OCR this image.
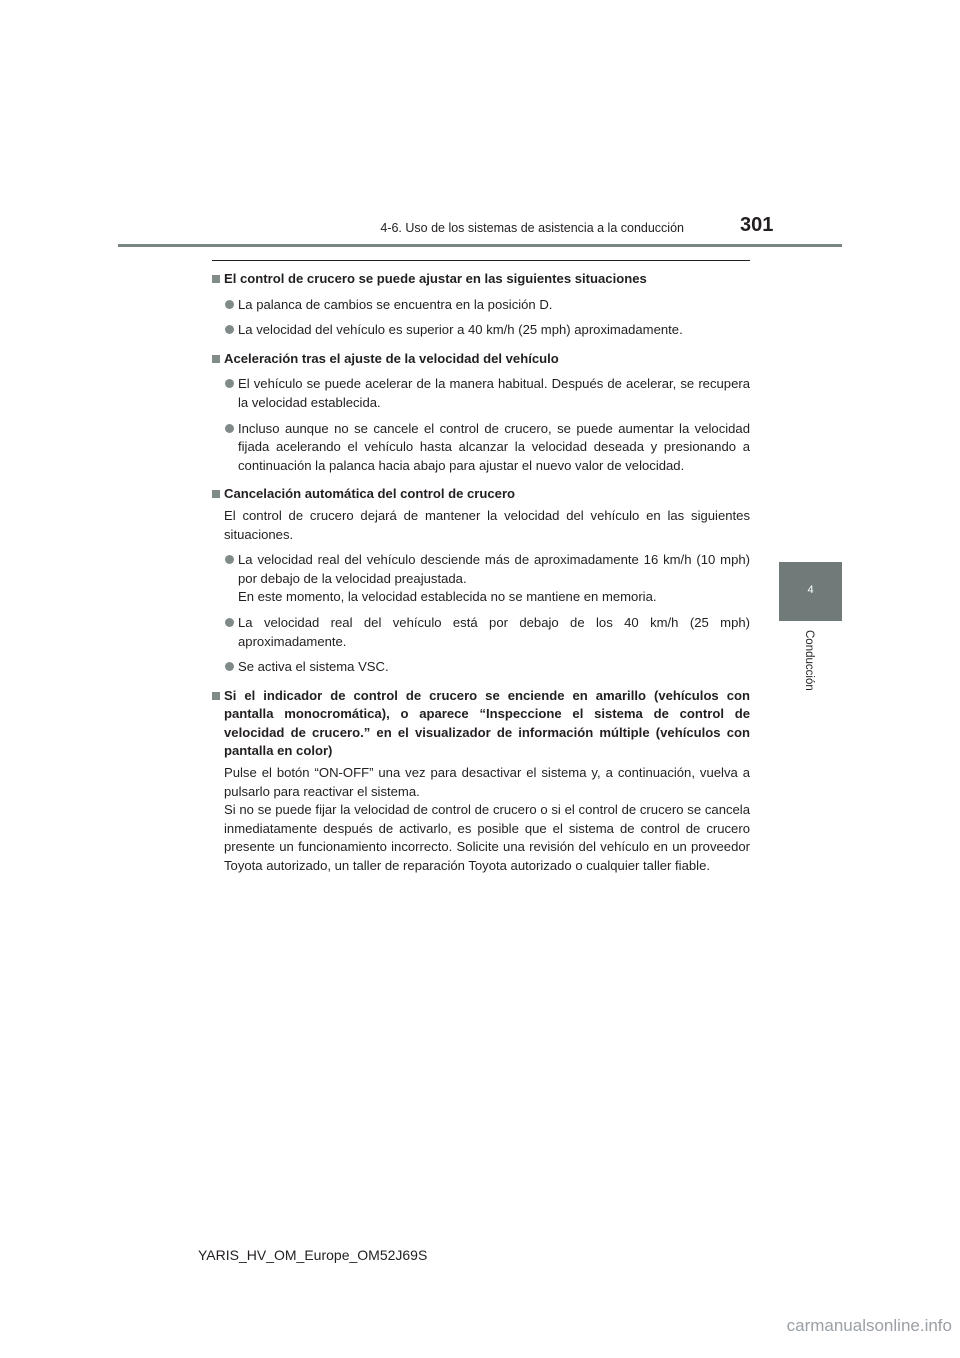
4-6. Uso de los sistemas de asistencia a la conducción	301
4
Conducción
El control de crucero se puede ajustar en las siguientes situaciones
La palanca de cambios se encuentra en la posición D.
La velocidad del vehículo es superior a 40 km/h (25 mph) aproximadamente.
Aceleración tras el ajuste de la velocidad del vehículo
El vehículo se puede acelerar de la manera habitual. Después de acelerar, se recupera la velocidad establecida.
Incluso aunque no se cancele el control de crucero, se puede aumentar la velocidad fijada acelerando el vehículo hasta alcanzar la velocidad deseada y presionando a continuación la palanca hacia abajo para ajustar el nuevo valor de velocidad.
Cancelación automática del control de crucero
El control de crucero dejará de mantener la velocidad del vehículo en las siguientes situaciones.
La velocidad real del vehículo desciende más de aproximadamente 16 km/h (10 mph) por debajo de la velocidad preajustada.
En este momento, la velocidad establecida no se mantiene en memoria.
La velocidad real del vehículo está por debajo de los 40 km/h (25 mph) aproximadamente.
Se activa el sistema VSC.
Si el indicador de control de crucero se enciende en amarillo (vehículos con pantalla monocromática), o aparece “Inspeccione el sistema de control de velocidad de crucero.” en el visualizador de información múltiple (vehículos con pantalla en color)
Pulse el botón “ON-OFF” una vez para desactivar el sistema y, a continuación, vuelva a pulsarlo para reactivar el sistema.
Si no se puede fijar la velocidad de control de crucero o si el control de crucero se cancela inmediatamente después de activarlo, es posible que el sistema de control de crucero presente un funcionamiento incorrecto. Solicite una revisión del vehículo en un proveedor Toyota autorizado, un taller de reparación Toyota autorizado o cualquier taller fiable.
YARIS_HV_OM_Europe_OM52J69S
carmanualsonline.info
